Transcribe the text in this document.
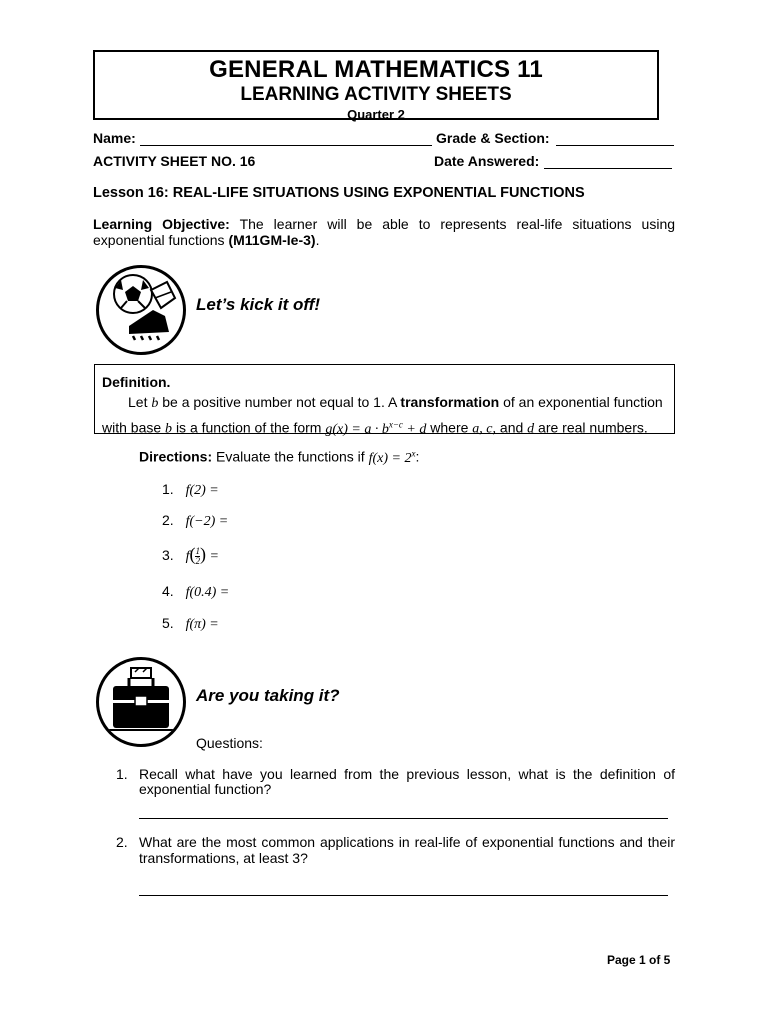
GENERAL MATHEMATICS 11
LEARNING ACTIVITY SHEETS
Quarter 2
Name:	Grade & Section:
ACTIVITY SHEET NO. 16	Date Answered:
Lesson 16: REAL-LIFE SITUATIONS USING EXPONENTIAL FUNCTIONS
Learning Objective: The learner will be able to represents real-life situations using exponential functions (M11GM-Ie-3).
Let’s kick it off!
Definition.
Let b be a positive number not equal to 1. A transformation of an exponential function
with base b is a function of the form $g(x) = a \cdot b^{x-c} + d$ where a, c, and d are real numbers.
Directions: Evaluate the functions if $f(x) = 2^x$:
1. f(2) =
2. f(−2) =
3. $f( \frac{1}{2}$ ) =
4. f(0.4) =
5. f(π) =
Are you taking it?
Questions:
1. Recall what have you learned from the previous lesson, what is the definition of
exponential function?
2. What are the most common applications in real-life of exponential functions and their
transformations, at least 3?
Page 1 of 5
